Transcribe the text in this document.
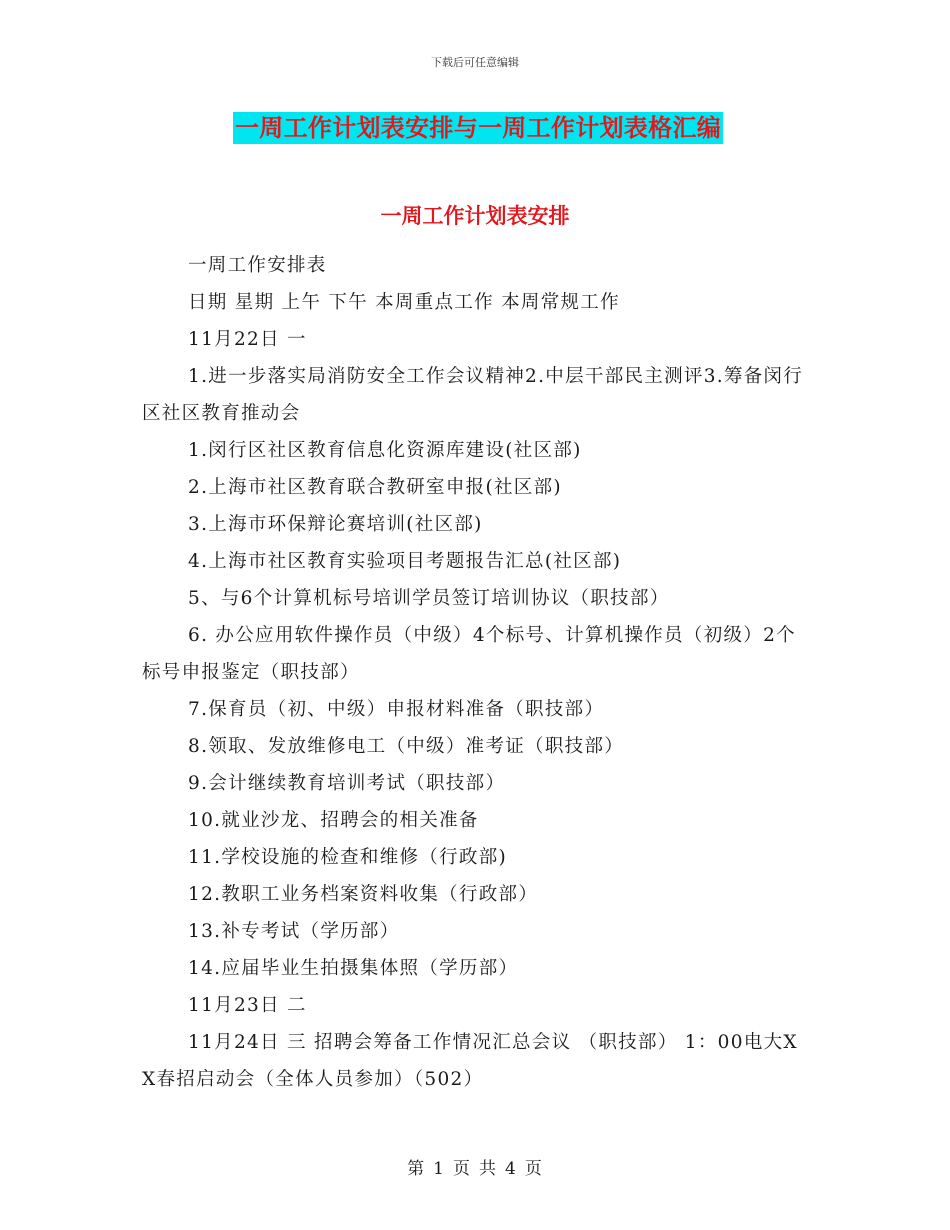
下载后可任意编辑
一周工作计划表安排与一周工作计划表格汇编
一周工作计划表安排

一周工作安排表

日期 星期 上午 下午 本周重点工作 本周常规工作

11月22日 一

1.进一步落实局消防安全工作会议精神2.中层干部民主测评3.筹备闵行区社区教育推动会

1.闵行区社区教育信息化资源库建设(社区部)

2.上海市社区教育联合教研室申报(社区部)

3.上海市环保辩论赛培训(社区部)

4.上海市社区教育实验项目考题报告汇总(社区部)

5、与6个计算机标号培训学员签订培训协议（职技部）

6. 办公应用软件操作员（中级）4个标号、计算机操作员（初级）2个标号申报鉴定（职技部）

7.保育员（初、中级）申报材料准备（职技部）

8.领取、发放维修电工（中级）准考证（职技部）

9.会计继续教育培训考试（职技部）

10.就业沙龙、招聘会的相关准备

11.学校设施的检查和维修（行政部)

12.教职工业务档案资料收集（行政部）

13.补专考试（学历部）

14.应届毕业生拍摄集体照（学历部）

11月23日 二

11月24日 三 招聘会筹备工作情况汇总会议 （职技部） 1：00电大XX春招启动会（全体人员参加）（502）

第 1 页 共 4 页
